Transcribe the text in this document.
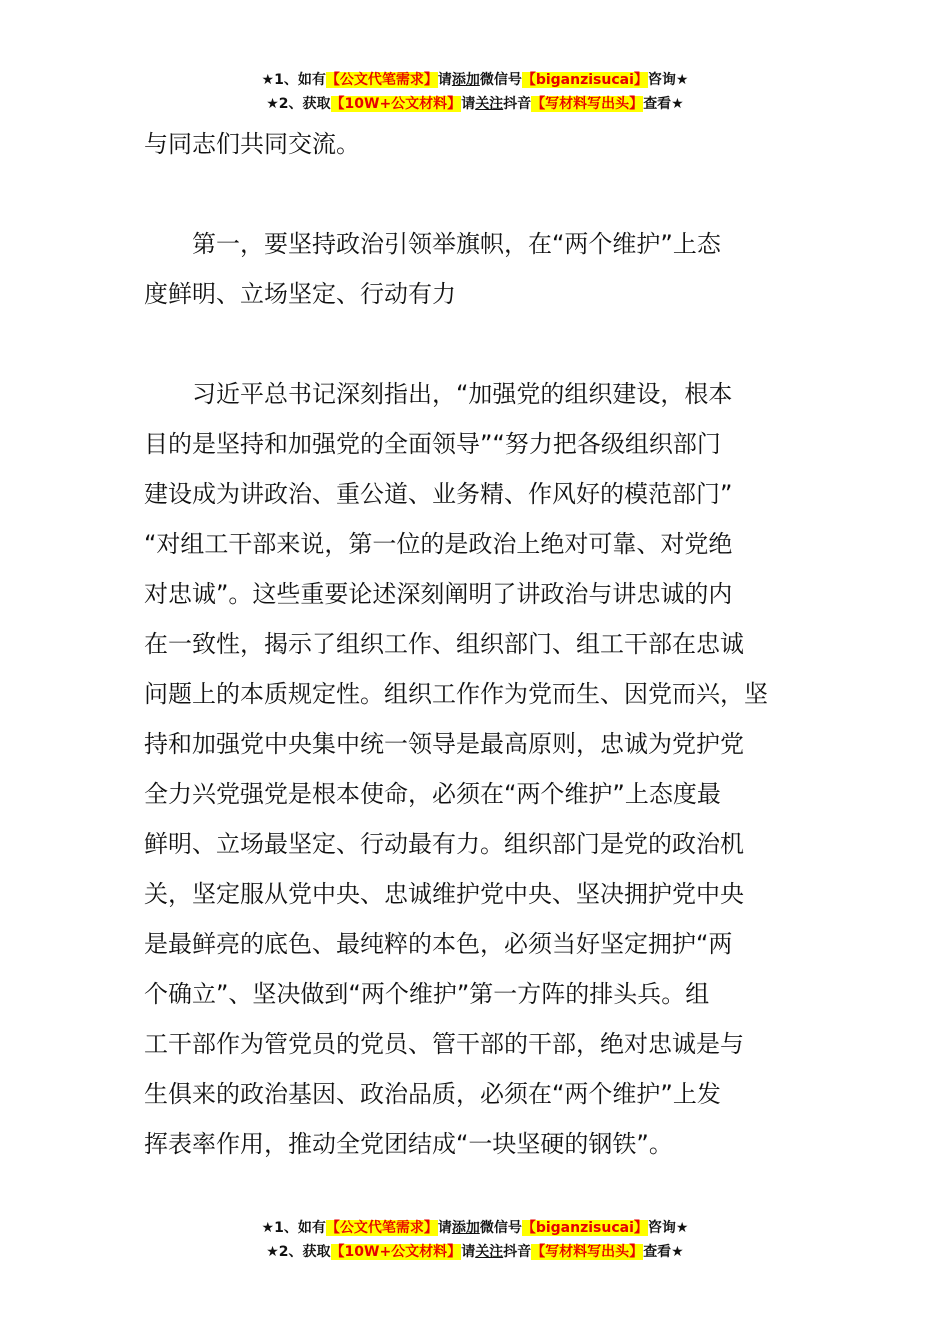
★1、如有【公文代笔需求】请添加微信号【biganzisucai】咨询★
★2、获取【10W+公文材料】请关注抖音【写材料写出头】查看★
与同志们共同交流。
第一，要坚持政治引领举旗帜，在“两个维护”上态
度鲜明、立场坚定、行动有力
习近平总书记深刻指出，“加强党的组织建设，根本
目的是坚持和加强党的全面领导”“努力把各级组织部门
建设成为讲政治、重公道、业务精、作风好的模范部门”
“对组工干部来说，第一位的是政治上绝对可靠、对党绝
对忠诚”。这些重要论述深刻阐明了讲政治与讲忠诚的内
在一致性，揭示了组织工作、组织部门、组工干部在忠诚
问题上的本质规定性。组织工作作为党而生、因党而兴，坚
持和加强党中央集中统一领导是最高原则，忠诚为党护党
全力兴党强党是根本使命，必须在“两个维护”上态度最
鲜明、立场最坚定、行动最有力。组织部门是党的政治机
关，坚定服从党中央、忠诚维护党中央、坚决拥护党中央
是最鲜亮的底色、最纯粹的本色，必须当好坚定拥护“两
个确立”、坚决做到“两个维护”第一方阵的排头兵。组
工干部作为管党员的党员、管干部的干部，绝对忠诚是与
生俱来的政治基因、政治品质，必须在“两个维护”上发
挥表率作用，推动全党团结成“一块坚硬的钢铁”。
★1、如有【公文代笔需求】请添加微信号【biganzisucai】咨询★
★2、获取【10W+公文材料】请关注抖音【写材料写出头】查看★
